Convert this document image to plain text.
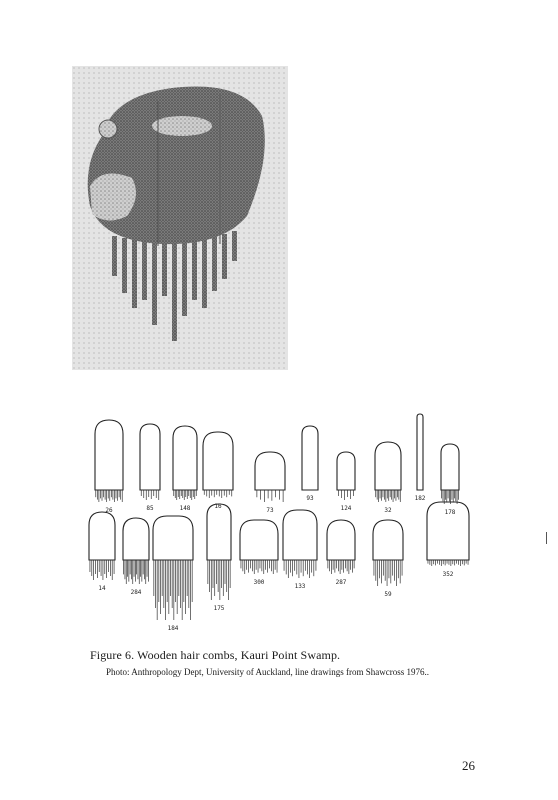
26	85	148	16
73
93
124	32
182
178
14
284
184
175
300
133
287
59
352
Figure 6. Wooden hair combs, Kauri Point Swamp.
Photo: Anthropology Dept, University of Auckland, line drawings from Shawcross 1976..
26
